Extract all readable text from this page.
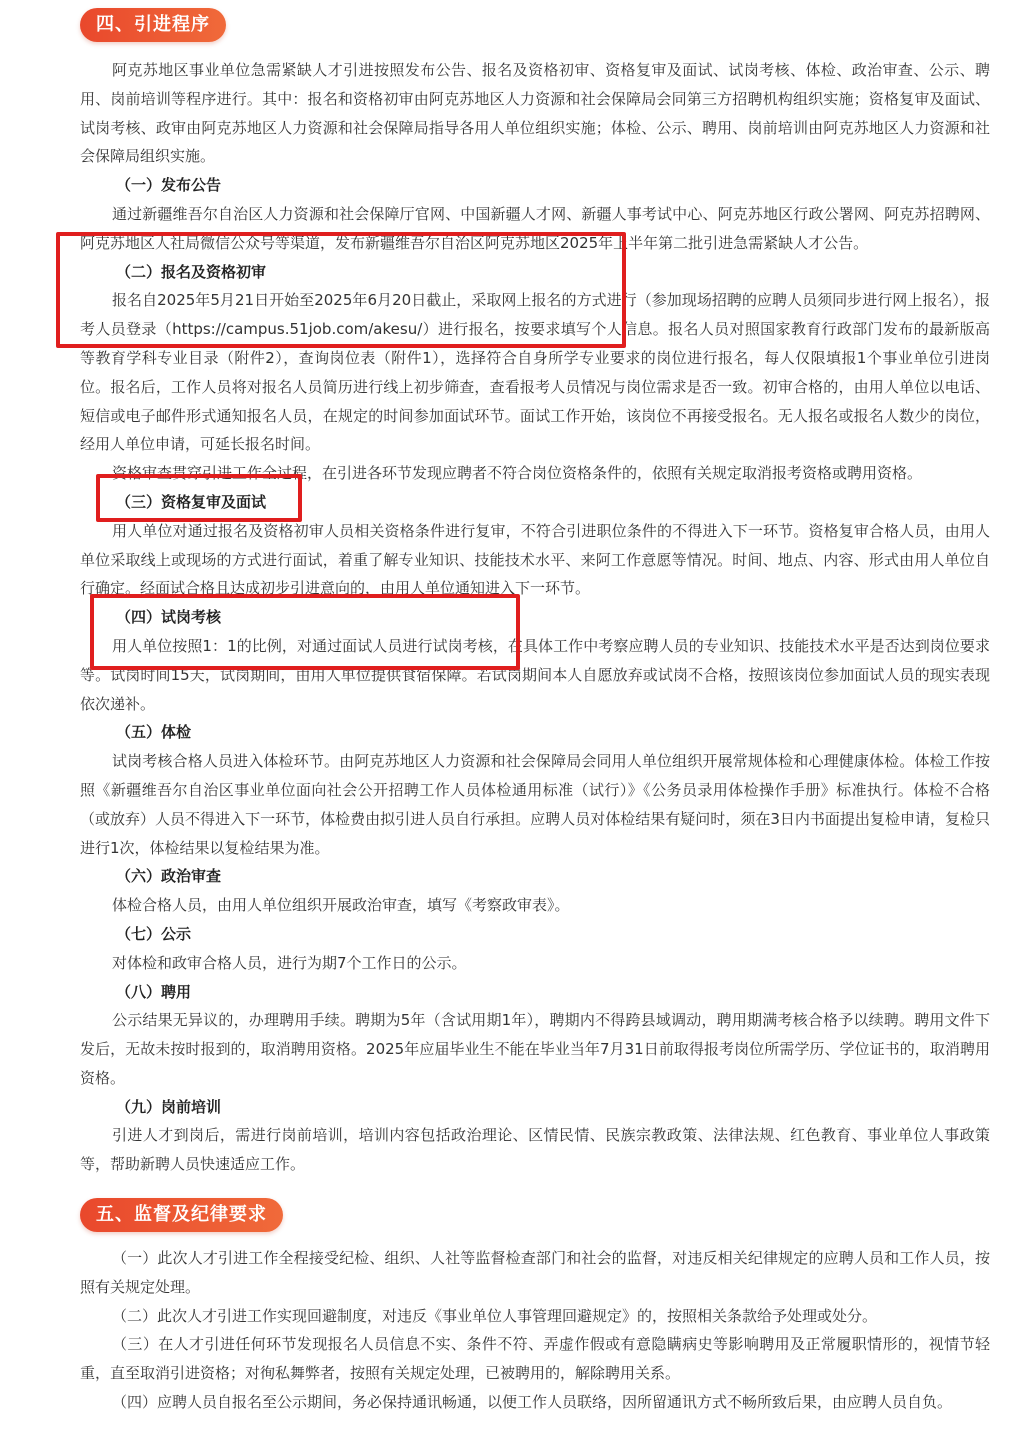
四、引进程序

阿克苏地区事业单位急需紧缺人才引进按照发布公告、报名及资格初审、资格复审及面试、试岗考核、体检、政治审查、公示、聘用、岗前培训等程序进行。其中：报名和资格初审由阿克苏地区人力资源和社会保障局会同第三方招聘机构组织实施；资格复审及面试、试岗考核、政审由阿克苏地区人力资源和社会保障局指导各用人单位组织实施；体检、公示、聘用、岗前培训由阿克苏地区人力资源和社会保障局组织实施。

（一）发布公告

通过新疆维吾尔自治区人力资源和社会保障厅官网、中国新疆人才网、新疆人事考试中心、阿克苏地区行政公署网、阿克苏招聘网、阿克苏地区人社局微信公众号等渠道，发布新疆维吾尔自治区阿克苏地区2025年上半年第二批引进急需紧缺人才公告。

（二）报名及资格初审

报名自2025年5月21日开始至2025年6月20日截止，采取网上报名的方式进行（参加现场招聘的应聘人员须同步进行网上报名），报考人员登录（https://campus.51job.com/akesu/）进行报名，按要求填写个人信息。报名人员对照国家教育行政部门发布的最新版高等教育学科专业目录（附件2），查询岗位表（附件1），选择符合自身所学专业要求的岗位进行报名，每人仅限填报1个事业单位引进岗位。报名后，工作人员将对报名人员简历进行线上初步筛查，查看报考人员情况与岗位需求是否一致。初审合格的，由用人单位以电话、短信或电子邮件形式通知报名人员，在规定的时间参加面试环节。面试工作开始，该岗位不再接受报名。无人报名或报名人数少的岗位，经用人单位申请，可延长报名时间。

资格审查贯穿引进工作全过程，在引进各环节发现应聘者不符合岗位资格条件的，依照有关规定取消报考资格或聘用资格。

（三）资格复审及面试

用人单位对通过报名及资格初审人员相关资格条件进行复审，不符合引进职位条件的不得进入下一环节。资格复审合格人员，由用人单位采取线上或现场的方式进行面试，着重了解专业知识、技能技术水平、来阿工作意愿等情况。时间、地点、内容、形式由用人单位自行确定。经面试合格且达成初步引进意向的，由用人单位通知进入下一环节。

（四）试岗考核

用人单位按照1：1的比例，对通过面试人员进行试岗考核，在具体工作中考察应聘人员的专业知识、技能技术水平是否达到岗位要求等。试岗时间15天，试岗期间，由用人单位提供食宿保障。若试岗期间本人自愿放弃或试岗不合格，按照该岗位参加面试人员的现实表现依次递补。

（五）体检

试岗考核合格人员进入体检环节。由阿克苏地区人力资源和社会保障局会同用人单位组织开展常规体检和心理健康体检。体检工作按照《新疆维吾尔自治区事业单位面向社会公开招聘工作人员体检通用标准（试行）》《公务员录用体检操作手册》标准执行。体检不合格（或放弃）人员不得进入下一环节，体检费由拟引进人员自行承担。应聘人员对体检结果有疑问时，须在3日内书面提出复检申请，复检只进行1次，体检结果以复检结果为准。

（六）政治审查

体检合格人员，由用人单位组织开展政治审查，填写《考察政审表》。

（七）公示

对体检和政审合格人员，进行为期7个工作日的公示。

（八）聘用

公示结果无异议的，办理聘用手续。聘期为5年（含试用期1年），聘期内不得跨县域调动，聘用期满考核合格予以续聘。聘用文件下发后，无故未按时报到的，取消聘用资格。2025年应届毕业生不能在毕业当年7月31日前取得报考岗位所需学历、学位证书的，取消聘用资格。

（九）岗前培训

引进人才到岗后，需进行岗前培训，培训内容包括政治理论、区情民情、民族宗教政策、法律法规、红色教育、事业单位人事政策等，帮助新聘人员快速适应工作。

五、监督及纪律要求

（一）此次人才引进工作全程接受纪检、组织、人社等监督检查部门和社会的监督，对违反相关纪律规定的应聘人员和工作人员，按照有关规定处理。

（二）此次人才引进工作实现回避制度，对违反《事业单位人事管理回避规定》的，按照相关条款给予处理或处分。

（三）在人才引进任何环节发现报名人员信息不实、条件不符、弄虚作假或有意隐瞒病史等影响聘用及正常履职情形的，视情节轻重，直至取消引进资格；对徇私舞弊者，按照有关规定处理，已被聘用的，解除聘用关系。

（四）应聘人员自报名至公示期间，务必保持通讯畅通，以便工作人员联络，因所留通讯方式不畅所致后果，由应聘人员自负。
